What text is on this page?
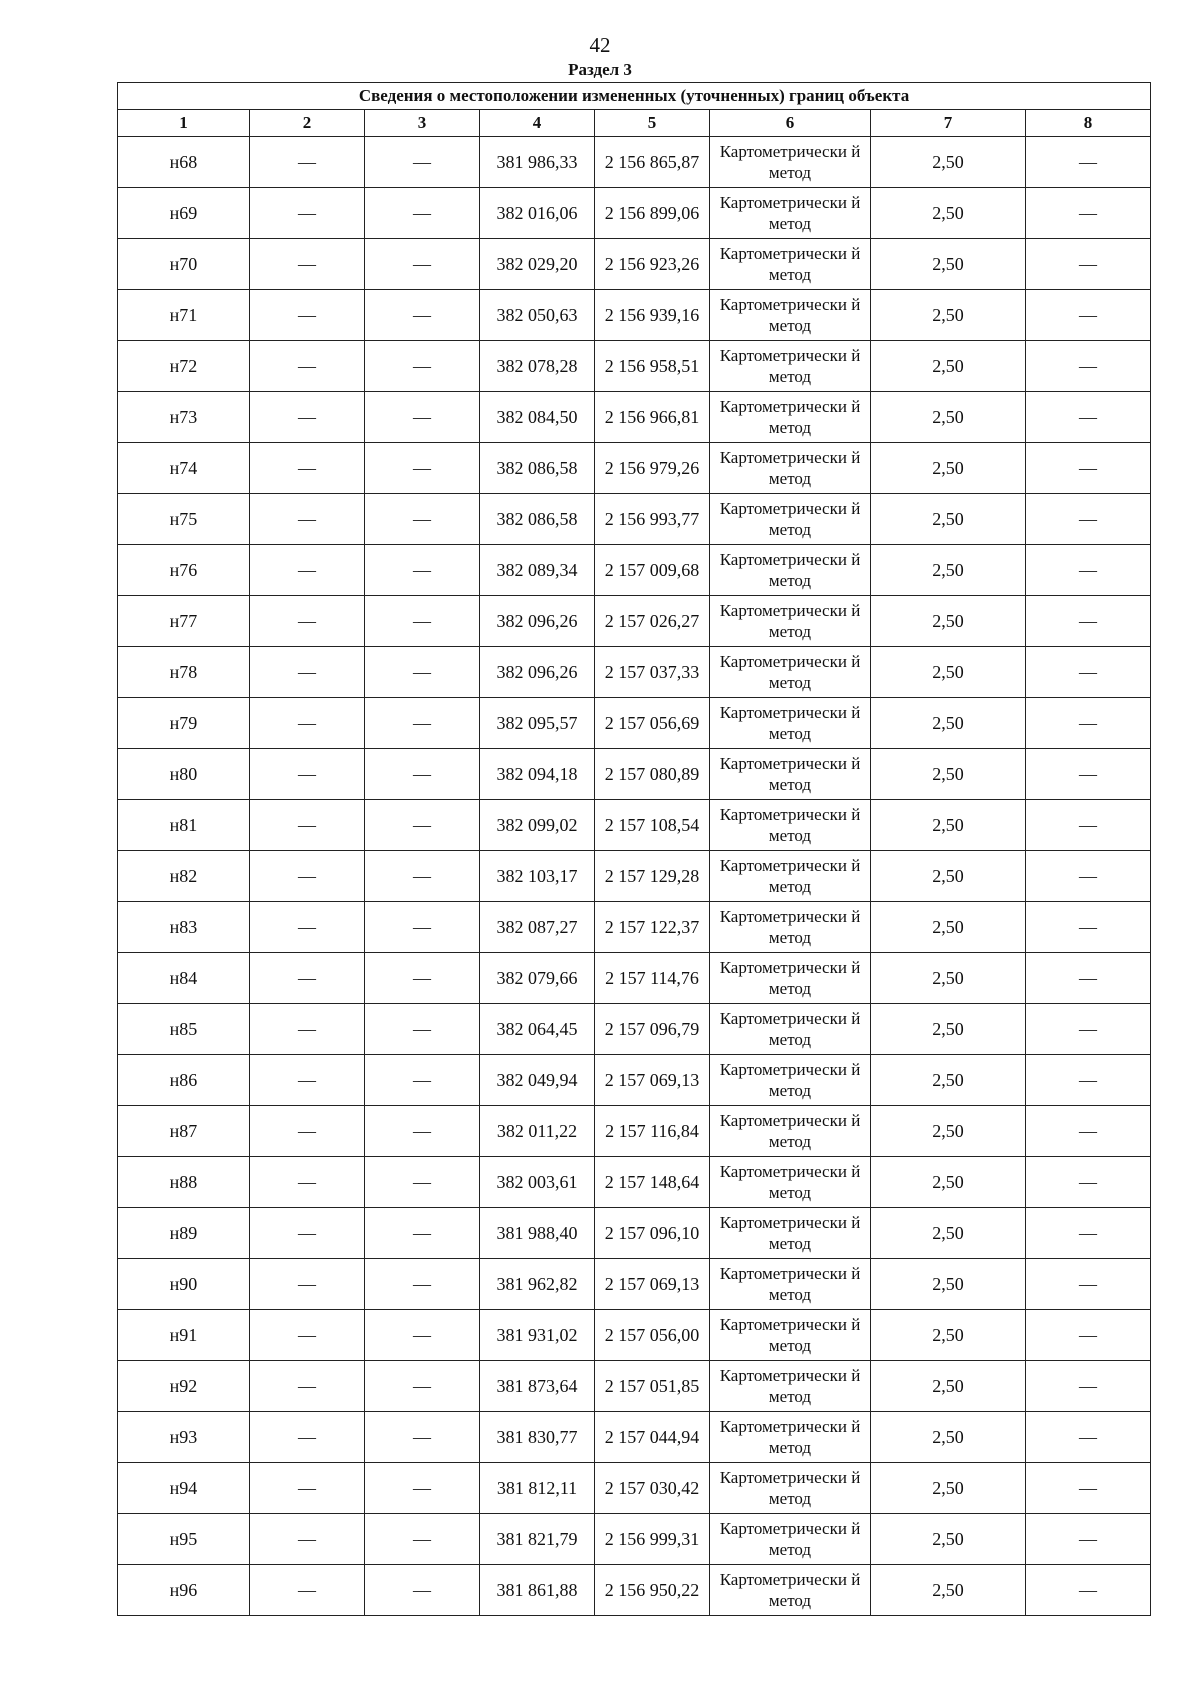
42
Раздел 3
Сведения о местоположении измененных (уточненных) границ объекта							
1	2	3	4	5	6	7	8
н68	—	—	381 986,33	2 156 865,87	Картометрически й метод	2,50	—
н69	—	—	382 016,06	2 156 899,06	Картометрически й метод	2,50	—
н70	—	—	382 029,20	2 156 923,26	Картометрически й метод	2,50	—
н71	—	—	382 050,63	2 156 939,16	Картометрически й метод	2,50	—
н72	—	—	382 078,28	2 156 958,51	Картометрически й метод	2,50	—
н73	—	—	382 084,50	2 156 966,81	Картометрически й метод	2,50	—
н74	—	—	382 086,58	2 156 979,26	Картометрически й метод	2,50	—
н75	—	—	382 086,58	2 156 993,77	Картометрически й метод	2,50	—
н76	—	—	382 089,34	2 157 009,68	Картометрически й метод	2,50	—
н77	—	—	382 096,26	2 157 026,27	Картометрически й метод	2,50	—
н78	—	—	382 096,26	2 157 037,33	Картометрически й метод	2,50	—
н79	—	—	382 095,57	2 157 056,69	Картометрически й метод	2,50	—
н80	—	—	382 094,18	2 157 080,89	Картометрически й метод	2,50	—
н81	—	—	382 099,02	2 157 108,54	Картометрически й метод	2,50	—
н82	—	—	382 103,17	2 157 129,28	Картометрически й метод	2,50	—
н83	—	—	382 087,27	2 157 122,37	Картометрически й метод	2,50	—
н84	—	—	382 079,66	2 157 114,76	Картометрически й метод	2,50	—
н85	—	—	382 064,45	2 157 096,79	Картометрически й метод	2,50	—
н86	—	—	382 049,94	2 157 069,13	Картометрически й метод	2,50	—
н87	—	—	382 011,22	2 157 116,84	Картометрически й метод	2,50	—
н88	—	—	382 003,61	2 157 148,64	Картометрически й метод	2,50	—
н89	—	—	381 988,40	2 157 096,10	Картометрически й метод	2,50	—
н90	—	—	381 962,82	2 157 069,13	Картометрически й метод	2,50	—
н91	—	—	381 931,02	2 157 056,00	Картометрически й метод	2,50	—
н92	—	—	381 873,64	2 157 051,85	Картометрически й метод	2,50	—
н93	—	—	381 830,77	2 157 044,94	Картометрически й метод	2,50	—
н94	—	—	381 812,11	2 157 030,42	Картометрически й метод	2,50	—
н95	—	—	381 821,79	2 156 999,31	Картометрически й метод	2,50	—
н96	—	—	381 861,88	2 156 950,22	Картометрически й метод	2,50	—
